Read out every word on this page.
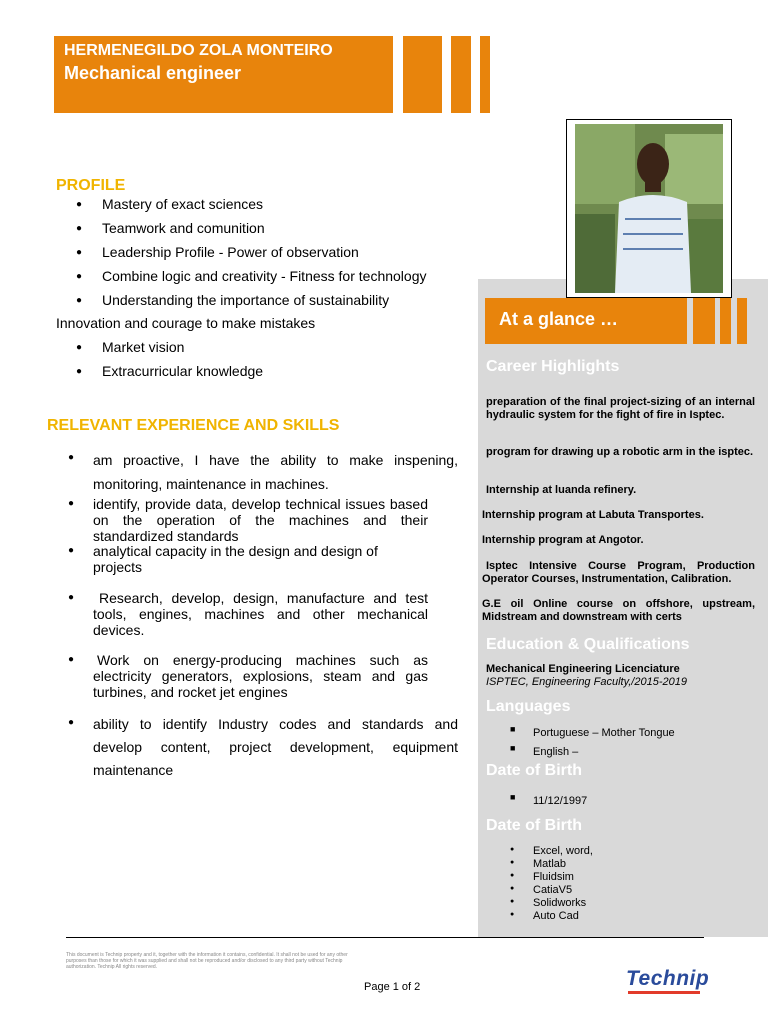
HERMENEGILDO ZOLA MONTEIRO
Mechanical engineer
At a glance …
PROFILE
● Mastery of exact sciences
● Teamwork and comunition
● Leadership Profile - Power of observation
● Combine logic and creativity - Fitness for technology
● Understanding the importance of sustainability
Innovation and courage to make mistakes
● Market vision
● Extracurricular knowledge
RELEVANT EXPERIENCE AND SKILLS
● am proactive, I have the ability to make inspening, monitoring, maintenance in machines.
● identify, provide data, develop technical issues based on the operation of the machines and their standardized standards
● analytical capacity in the design and design of projects
●	Research, develop, design, manufacture and test tools, engines, machines and other mechanical devices.
● Work on energy-producing machines such as electricity generators, explosions, steam and gas turbines, and rocket jet engines
● ability to identify Industry codes and standards and develop content, project development, equipment maintenance
Career Highlights
preparation of the final project-sizing of an internal hydraulic system for the fight of fire in Isptec.
program for drawing up a robotic arm in the isptec.
Internship at luanda refinery.
Internship program at Labuta Transportes.
Internship program at Angotor.
Isptec Intensive Course Program, Production Operator Courses, Instrumentation, Calibration.
G.E oil Online course on offshore, upstream, Midstream and downstream with certs
Education & Qualifications
Mechanical Engineering Licenciature
ISPTEC, Engineering Faculty,/2015-2019
Languages
■ Portuguese – Mother Tongue
■ English –
Date of Birth
■ 11/12/1997
Date of Birth
● Excel, word,
● Matlab
● Fluidsim
● CatiaV5
● Solidworks
● Auto Cad
This document is Technip property and it, together with the information it contains, confidential. It shall not be used for any other purposes than those for which it was supplied and shall not be reproduced and/or disclosed to any third party without Technip authorization. Technip All rights reserved.
Page 1 of 2	Technip
